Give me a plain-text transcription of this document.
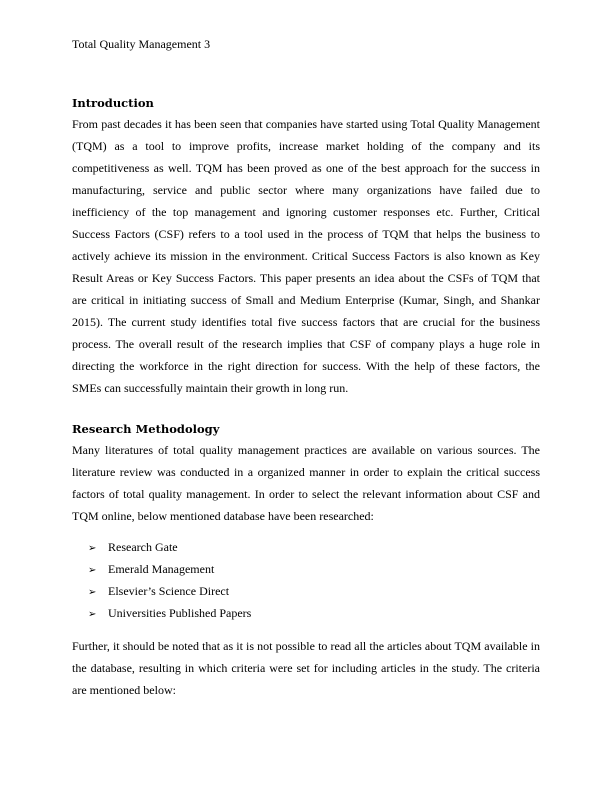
Total Quality Management 3
Introduction

From past decades it has been seen that companies have started using Total Quality Management (TQM) as a tool to improve profits, increase market holding of the company and its competitiveness as well. TQM has been proved as one of the best approach for the success in manufacturing, service and public sector where many organizations have failed due to inefficiency of the top management and ignoring customer responses etc. Further, Critical Success Factors (CSF) refers to a tool used in the process of TQM that helps the business to actively achieve its mission in the environment. Critical Success Factors is also known as Key Result Areas or Key Success Factors. This paper presents an idea about the CSFs of TQM that are critical in initiating success of Small and Medium Enterprise (Kumar, Singh, and Shankar 2015). The current study identifies total five success factors that are crucial for the business process. The overall result of the research implies that CSF of company plays a huge role in directing the workforce in the right direction for success. With the help of these factors, the SMEs can successfully maintain their growth in long run.

Research Methodology

Many literatures of total quality management practices are available on various sources. The literature review was conducted in a organized manner in order to explain the critical success factors of total quality management. In order to select the relevant information about CSF and TQM online, below mentioned database have been researched:

➢ Research Gate
➢ Emerald Management
➢ Elsevier’s Science Direct
➢ Universities Published Papers

Further, it should be noted that as it is not possible to read all the articles about TQM available in the database, resulting in which criteria were set for including articles in the study. The criteria are mentioned below:
